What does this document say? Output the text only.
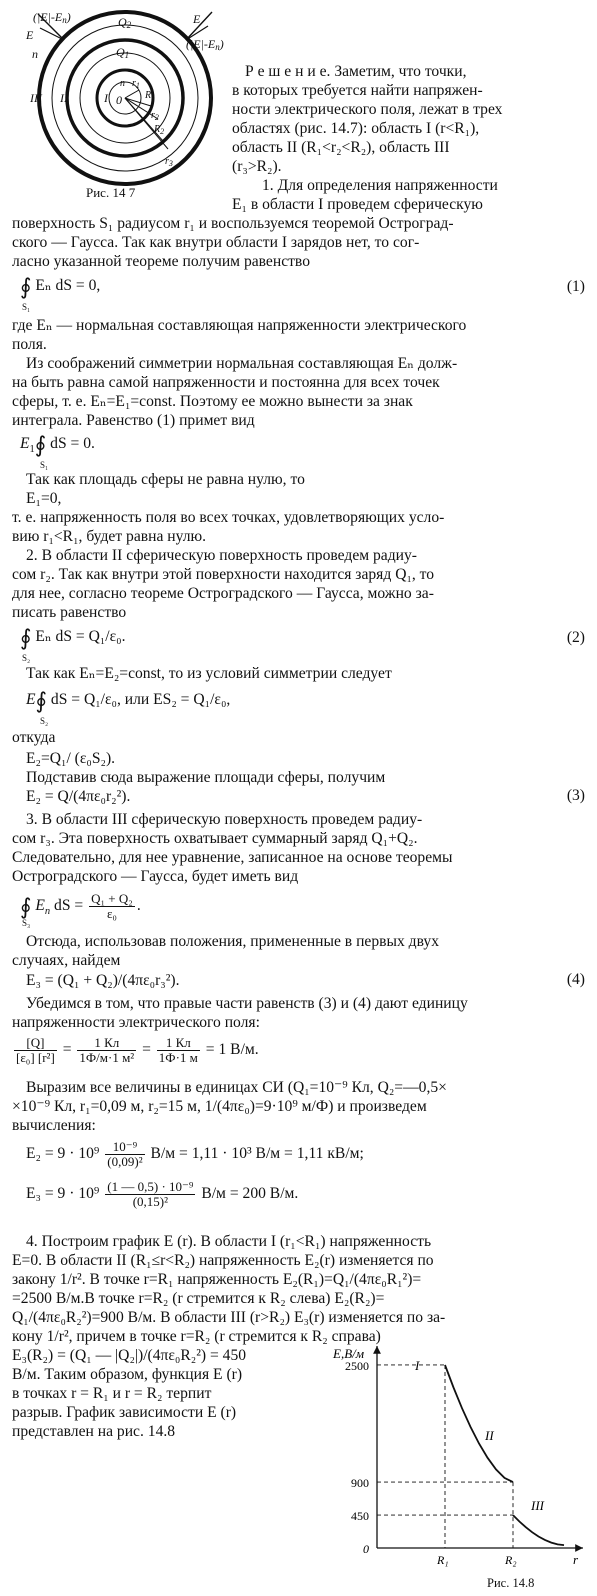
(|E|-En)
E
n
E
(|E|-En)
Q2
Q1
III II	I 0
n $r_1$
$R_1$
$r_2$
$R_2$
$r_3$
Рис. 14 7
Р е ш е н и е. Заметим, что точки,
в которых требуется найти напряжен-
ности электрического поля, лежат в трех
областях (рис. 14.7): область I (r<R₁),
область II (R₁<r₂<R₂), область III
(r₃>R₂).
1. Для определения напряженности
E₁ в области I проведем сферическую
поверхность S₁ радиусом r₁ и воспользуемся теоремой Остроград-
ского — Гаусса. Так как внутри области I зарядов нет, то сог-
ласно указанной теореме получим равенство
∮
S₁
Eₙ dS = 0,	(1)
где Eₙ — нормальная составляющая напряженности электрического
поля.
Из соображений симметрии нормальная составляющая Eₙ долж-
на быть равна самой напряженности и постоянна для всех точек
сферы, т. е. Eₙ=E₁=const. Поэтому ее можно вынести за знак
интеграла. Равенство (1) примет вид
$E_1∮$
S₁
dS = 0.
Так как площадь сферы не равна нулю, то
E₁=0,
т. е. напряженность поля во всех точках, удовлетворяющих усло-
вию r₁<R₁, будет равна нулю.
2. В области II сферическую поверхность проведем радиу-
сом r₂. Так как внутри этой поверхности находится заряд Q₁, то
для нее, согласно теореме Остроградского — Гаусса, можно за-
писать равенство
∮
S₂
Eₙ dS = Q₁/ε₀.	(2)
Так как Eₙ=E₂=const, то из условий симметрии следует
E∮
S₂
dS = Q₁/ε₀, или ES₂ = Q₁/ε₀,
откуда
E₂=Q₁/ (ε₀S₂).
Подставив сюда выражение площади сферы, получим
E₂ = Q/(4πε₀r₂²).	(3)
3. В области III сферическую поверхность проведем радиу-
сом r₃. Эта поверхность охватывает суммарный заряд Q₁+Q₂.
Следовательно, для нее уравнение, записанное на основе теоремы
Остроградского — Гаусса, будет иметь вид
∮
S₃
$E_n$ dS = $\frac{\text{Q₁ + Q₂}}{\text{ε₀}}$ .
Отсюда, использовав положения, примененные в первых двух
случаях, найдем
E₃ = (Q₁ + Q₂)/(4πε₀r₃²).	(4)
Убедимся в том, что правые части равенств (3) и (4) дают единицу
напряженности электрического поля:
$\frac{[Q]}{\text{[ε₀] [r²]}} = \frac{1 Кл}{\text{1Ф/м·1 м²}} = \frac{1 Кл}{1Ф\cdot 1 м} = 1$ В/м.
Выразим все величины в единицах СИ (Q₁=10⁻⁹ Кл, Q₂=—0,5×
×10⁻⁹ Кл, r₁=0,09 м, r₂=15 м, 1/(4πε₀)=9·10⁹ м/Ф) и произведем
вычисления:
$E_2 = 9 \cdot 10^9 \frac{\text{10⁻⁹}}{\text{(0,09)²}} В/м = 1,11 \cdot 10^3$ В/м = 1,11 кВ/м;
$E_3 = 9 \cdot 10^9 \frac{\text{(1 — 0,5) · 10⁻⁹}}{\text{(0,15)²}} В/м = 200$ В/м.
4. Построим график E (r). В области I (r₁<R₁) напряженность
E=0. В области II (R₁≤r<R₂) напряженность E₂(r) изменяется по
закону 1/r². В точке r=R₁ напряженность E₂(R₁)=Q₁/(4πε₀R₁²)=
=2500 В/м.В точке r=R₂ (r стремится к R₂ слева) E₂(R₂)=
Q₁/(4πε₀R₂²)=900 В/м. В области III (r>R₂) E₃(r) изменяется по за-
кону 1/r², причем в точке r=R₂ (r стремится к R₂ справа)
E₃(R₂) = (Q₁ — |Q₂|)/(4πε₀R₂²) = 450
В/м. Таким образом, функция E (r)
в точках r = R₁ и r = R₂ терпит
разрыв. График зависимости E (r)
представлен на рис. 14.8
E,В/м
r
2500
900
450
0
R₁	R₂
I
II
III
Рис. 14.8
